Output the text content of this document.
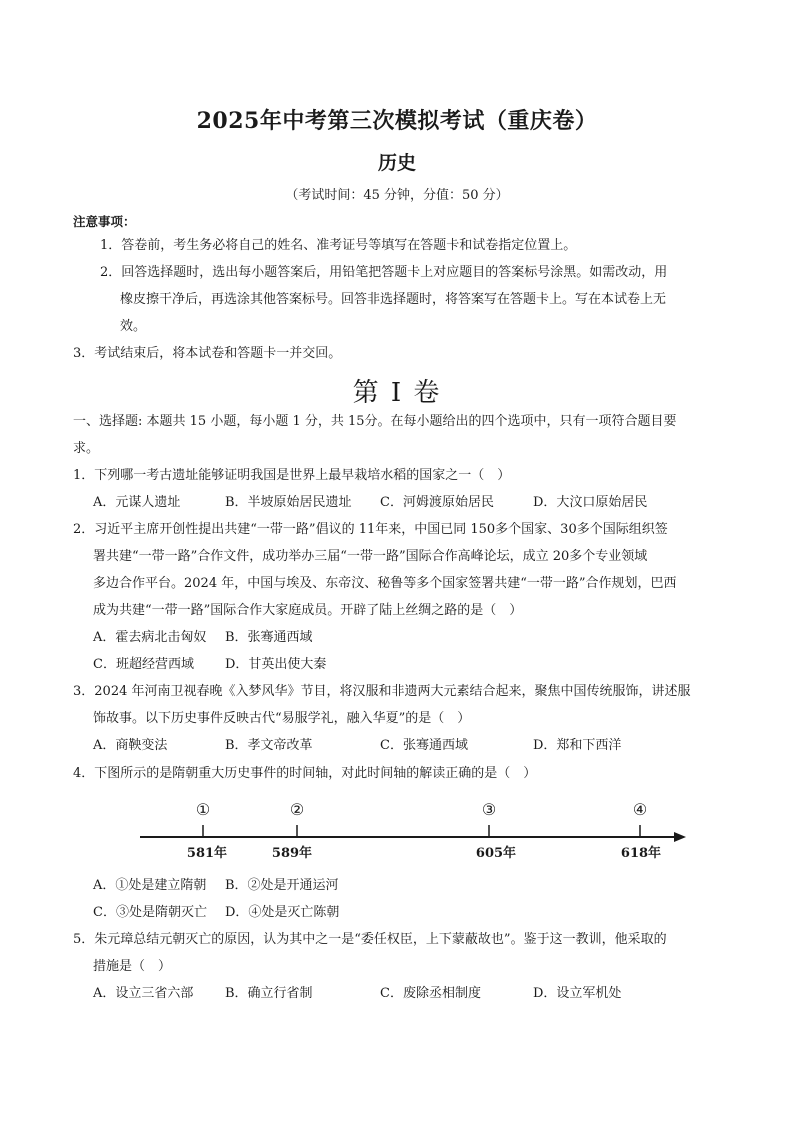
2025年中考第三次模拟考试（重庆卷）
历史
（考试时间：45 分钟，分值：50 分）
注意事项：
1．答卷前，考生务必将自己的姓名、准考证号等填写在答题卡和试卷指定位置上。
2．回答选择题时，选出每小题答案后，用铅笔把答题卡上对应题目的答案标号涂黑。如需改动，用
橡皮擦干净后，再选涂其他答案标号。回答非选择题时，将答案写在答题卡上。写在本试卷上无
效。
3．考试结束后，将本试卷和答题卡一并交回。
第 I 卷
一、选择题: 本题共 15 小题，每小题 1 分，共 15分。在每小题给出的四个选项中，只有一项符合题目要
求。
1．下列哪一考古遗址能够证明我国是世界上最早栽培水稻的国家之一（　）
A．元谋人遗址	B．半坡原始居民遗址 C．河姆渡原始居民	D．大汶口原始居民
2．习近平主席开创性提出共建“一带一路”倡议的 11年来，中国已同 150多个国家、30多个国际组织签
署共建“一带一路”合作文件，成功举办三届“一带一路”国际合作高峰论坛，成立 20多个专业领域
多边合作平台。2024 年，中国与埃及、东帝汶、秘鲁等多个国家签署共建“一带一路”合作规划，巴西
成为共建“一带一路”国际合作大家庭成员。开辟了陆上丝绸之路的是（　）
A．霍去病北击匈奴 B．张骞通西域
C．班超经营西域 D．甘英出使大秦
3．2024 年河南卫视春晚《入梦风华》节目，将汉服和非遗两大元素结合起来，聚焦中国传统服饰，讲述服
饰故事。以下历史事件反映古代“易服学礼，融入华夏”的是（　）
A．商鞅变法	B．孝文帝改革	C．张骞通西域	D．郑和下西洋
4．下图所示的是隋朝重大历史事件的时间轴，对此时间轴的解读正确的是（　）
①	②	③	④
581年	589年	605年	618年
A．①处是建立隋朝 B．②处是开通运河
C．③处是隋朝灭亡 D．④处是灭亡陈朝
5．朱元璋总结元朝灭亡的原因，认为其中之一是“委任权臣，上下蒙蔽故也”。鉴于这一教训，他采取的
措施是（　）
A．设立三省六部 B．确立行省制	C．废除丞相制度	D．设立军机处
